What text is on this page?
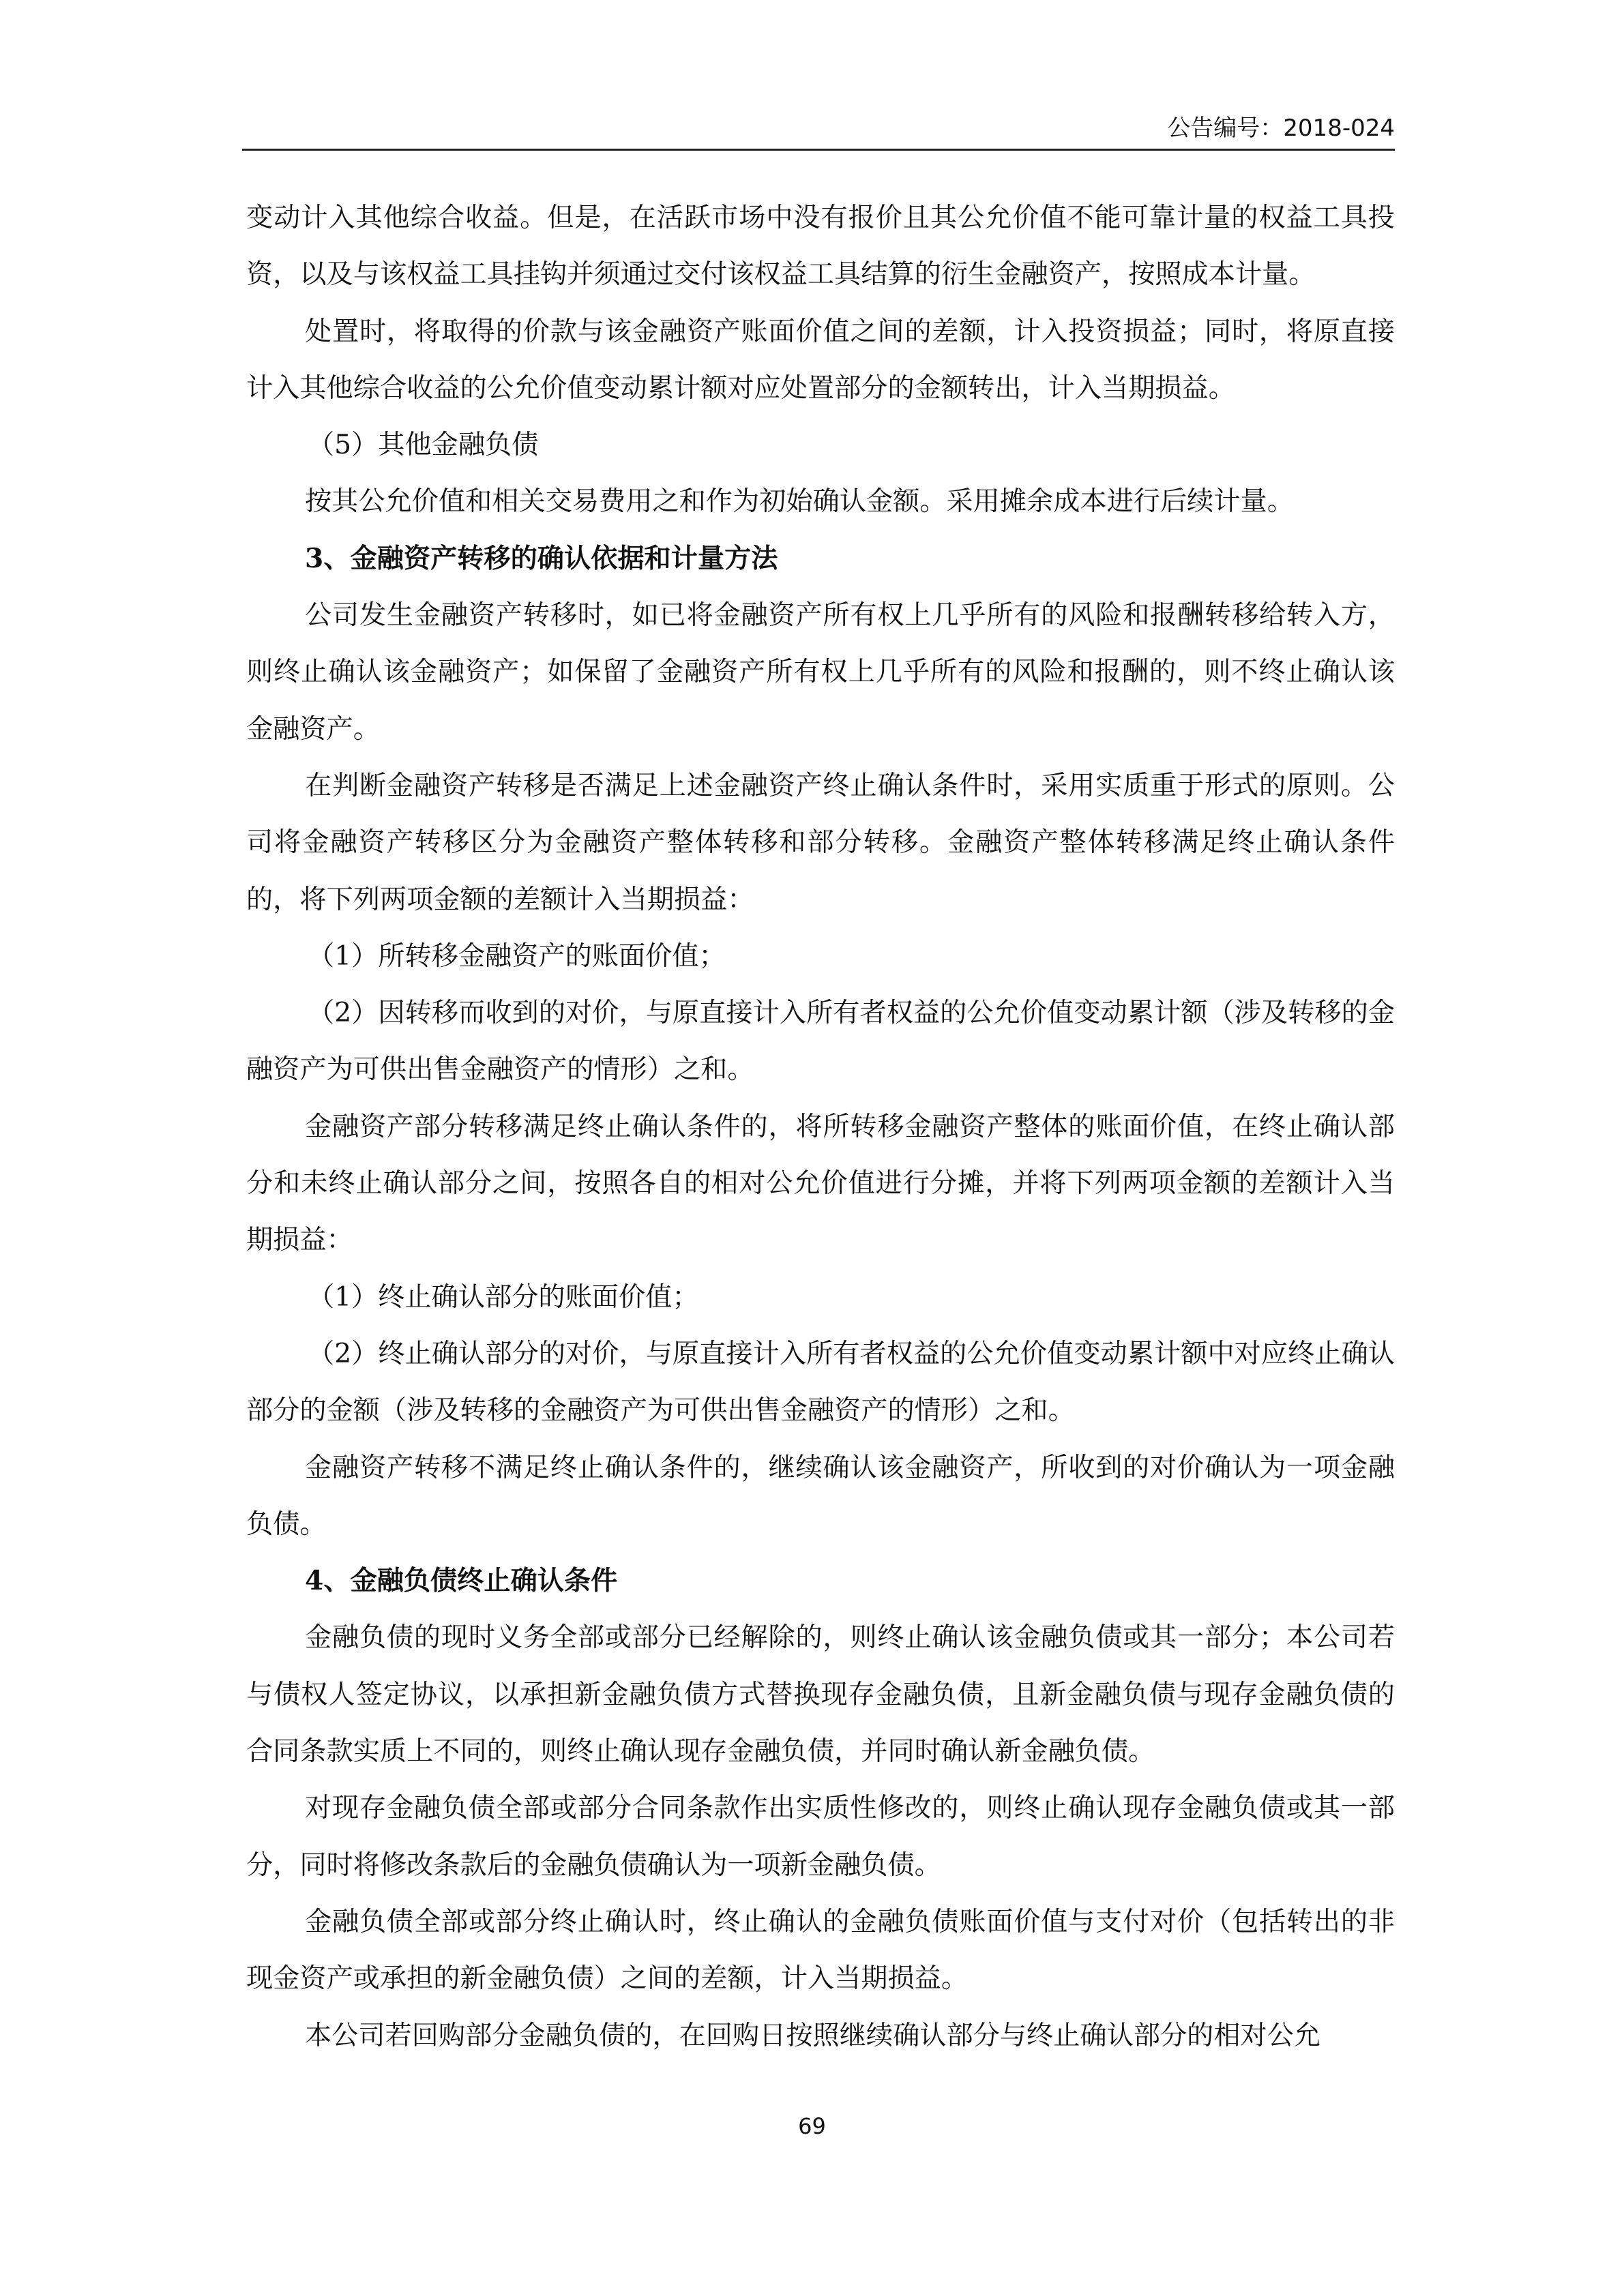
公告编号：2018-024

变动计入其他综合收益。但是，在活跃市场中没有报价且其公允价值不能可靠计量的权益工具投资，以及与该权益工具挂钩并须通过交付该权益工具结算的衍生金融资产，按照成本计量。

处置时，将取得的价款与该金融资产账面价值之间的差额，计入投资损益；同时，将原直接计入其他综合收益的公允价值变动累计额对应处置部分的金额转出，计入当期损益。

（5）其他金融负债

按其公允价值和相关交易费用之和作为初始确认金额。采用摊余成本进行后续计量。

3、金融资产转移的确认依据和计量方法

公司发生金融资产转移时，如已将金融资产所有权上几乎所有的风险和报酬转移给转入方，则终止确认该金融资产；如保留了金融资产所有权上几乎所有的风险和报酬的，则不终止确认该金融资产。

在判断金融资产转移是否满足上述金融资产终止确认条件时，采用实质重于形式的原则。公司将金融资产转移区分为金融资产整体转移和部分转移。金融资产整体转移满足终止确认条件的，将下列两项金额的差额计入当期损益：

（1）所转移金融资产的账面价值；

（2）因转移而收到的对价，与原直接计入所有者权益的公允价值变动累计额（涉及转移的金融资产为可供出售金融资产的情形）之和。

金融资产部分转移满足终止确认条件的，将所转移金融资产整体的账面价值，在终止确认部分和未终止确认部分之间，按照各自的相对公允价值进行分摊，并将下列两项金额的差额计入当期损益：

（1）终止确认部分的账面价值；

（2）终止确认部分的对价，与原直接计入所有者权益的公允价值变动累计额中对应终止确认部分的金额（涉及转移的金融资产为可供出售金融资产的情形）之和。

金融资产转移不满足终止确认条件的，继续确认该金融资产，所收到的对价确认为一项金融负债。

4、金融负债终止确认条件

金融负债的现时义务全部或部分已经解除的，则终止确认该金融负债或其一部分；本公司若与债权人签定协议，以承担新金融负债方式替换现存金融负债，且新金融负债与现存金融负债的合同条款实质上不同的，则终止确认现存金融负债，并同时确认新金融负债。

对现存金融负债全部或部分合同条款作出实质性修改的，则终止确认现存金融负债或其一部分，同时将修改条款后的金融负债确认为一项新金融负债。

金融负债全部或部分终止确认时，终止确认的金融负债账面价值与支付对价（包括转出的非现金资产或承担的新金融负债）之间的差额，计入当期损益。

本公司若回购部分金融负债的，在回购日按照继续确认部分与终止确认部分的相对公允

69
